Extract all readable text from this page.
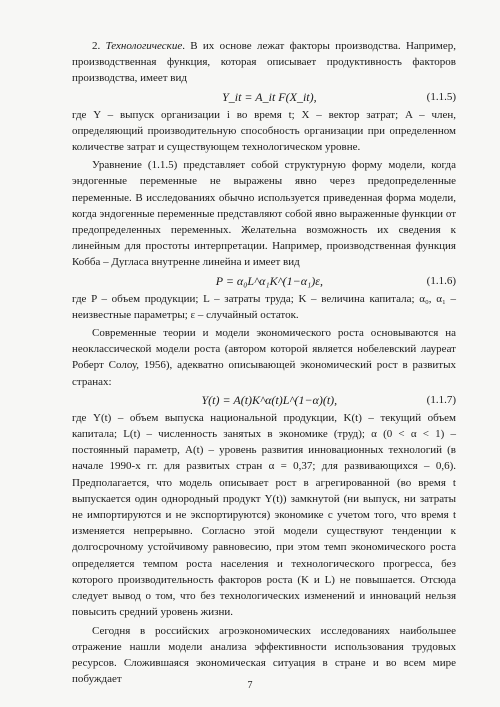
2. Технологические. В их основе лежат факторы производства. Например, производственная функция, которая описывает продуктивность факторов производства, имеет вид

Y_it = A_it F(X_it),	(1.1.5)

где Y – выпуск организации i во время t; X – вектор затрат; A – член, определяющий производительную способность организации при определенном количестве затрат и существующем технологическом уровне.

Уравнение (1.1.5) представляет собой структурную форму модели, когда эндогенные переменные не выражены явно через предопределенные переменные. В исследованиях обычно используется приведенная форма модели, когда эндогенные переменные представляют собой явно выраженные функции от предопределенных переменных. Желательна возможность их сведения к линейным для простоты интерпретации. Например, производственная функция Кобба – Дугласа внутренне линейна и имеет вид

P = α₀L^α₁K^(1−α₁)ε,	(1.1.6)

где P – объем продукции; L – затраты труда; K – величина капитала; α₀, α₁ – неизвестные параметры; ε – случайный остаток.

Современные теории и модели экономического роста основываются на неоклассической модели роста (автором которой является нобелевский лауреат Роберт Солоу, 1956), адекватно описывающей экономический рост в развитых странах:

Y(t) = A(t)K^α(t)L^(1−α)(t),	(1.1.7)

где Y(t) – объем выпуска национальной продукции, K(t) – текущий объем капитала; L(t) – численность занятых в экономике (труд); α (0 < α < 1) – постоянный параметр, A(t) – уровень развития инновационных технологий (в начале 1990-х гг. для развитых стран α = 0,37; для развивающихся – 0,6). Предполагается, что модель описывает рост в агрегированной (во время t выпускается один однородный продукт Y(t)) замкнутой (ни выпуск, ни затраты не импортируются и не экспортируются) экономике с учетом того, что время t изменяется непрерывно. Согласно этой модели существуют тенденции к долгосрочному устойчивому равновесию, при этом темп экономического роста определяется темпом роста населения и технологического прогресса, без которого производительность факторов роста (K и L) не повышается. Отсюда следует вывод о том, что без технологических изменений и инноваций нельзя повысить средний уровень жизни.

Сегодня в российских агроэкономических исследованиях наибольшее отражение нашли модели анализа эффективности использования трудовых ресурсов. Сложившаяся экономическая ситуация в стране и во всем мире побуждает

7
